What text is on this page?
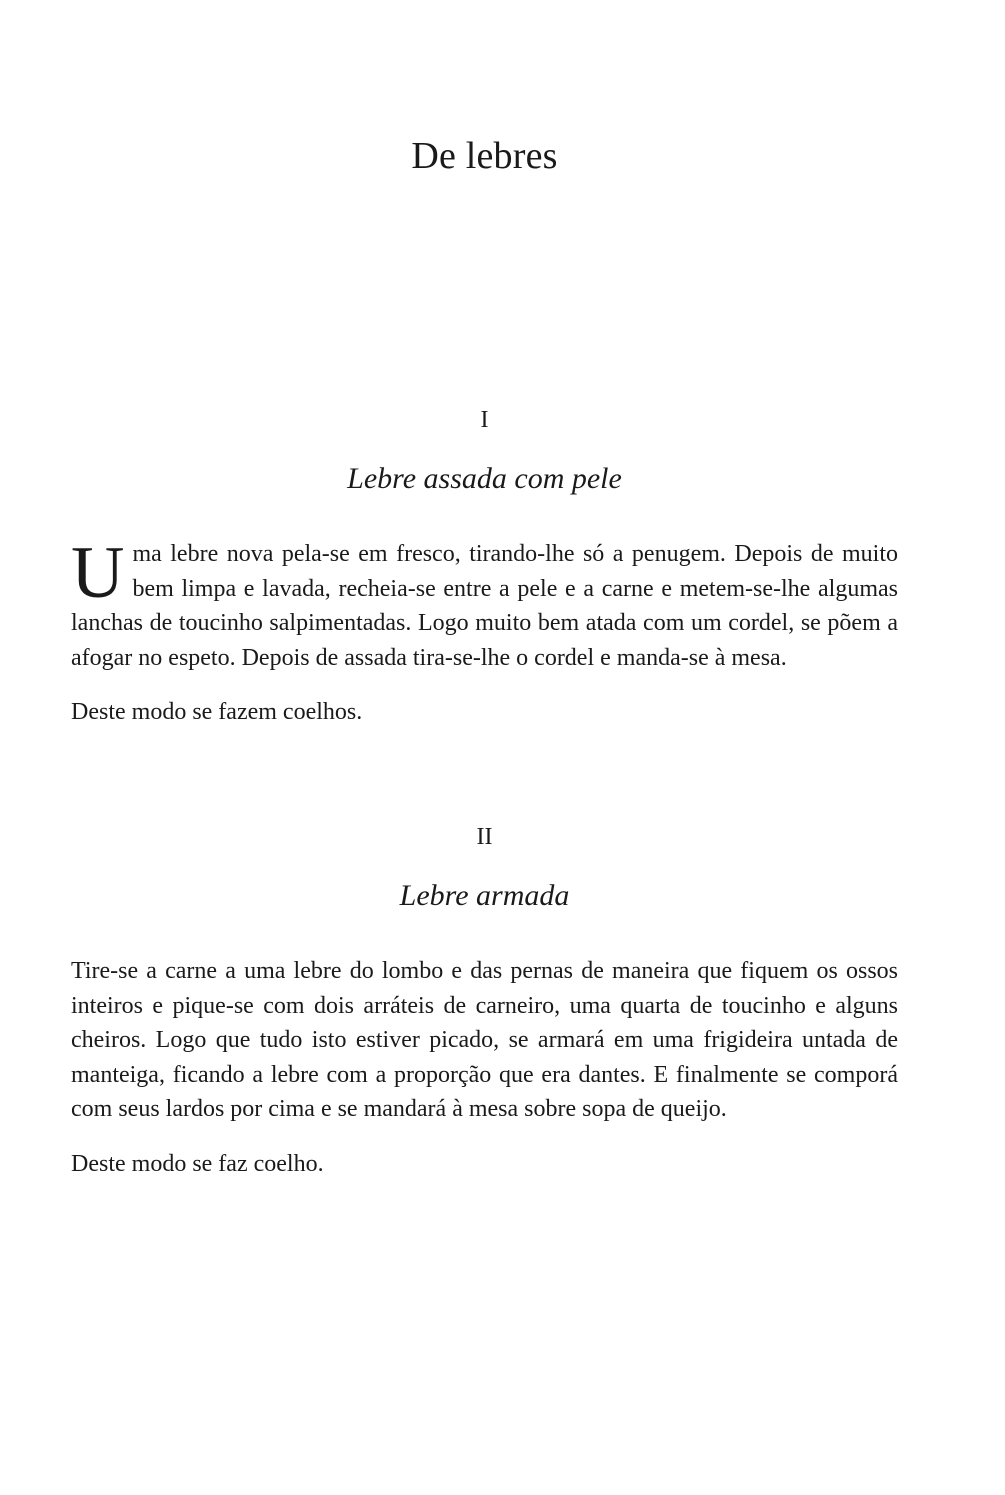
De lebres
I
Lebre assada com pele

Uma lebre nova pela-se em fresco, tirando-lhe só a penugem. Depois de muito bem limpa e lavada, recheia-se entre a pele e a carne e metem-se-lhe algumas lanchas de toucinho salpimentadas. Logo muito bem atada com um cordel, se põem a afogar no espeto. Depois de assada tira-se-lhe o cordel e manda-se à mesa.

Deste modo se fazem coelhos.

II
Lebre armada

Tire-se a carne a uma lebre do lombo e das pernas de maneira que fiquem os ossos inteiros e pique-se com dois arráteis de carneiro, uma quarta de toucinho e alguns cheiros. Logo que tudo isto estiver picado, se armará em uma frigideira untada de manteiga, ficando a lebre com a proporção que era dantes. E finalmente se comporá com seus lardos por cima e se mandará à mesa sobre sopa de queijo.

Deste modo se faz coelho.
